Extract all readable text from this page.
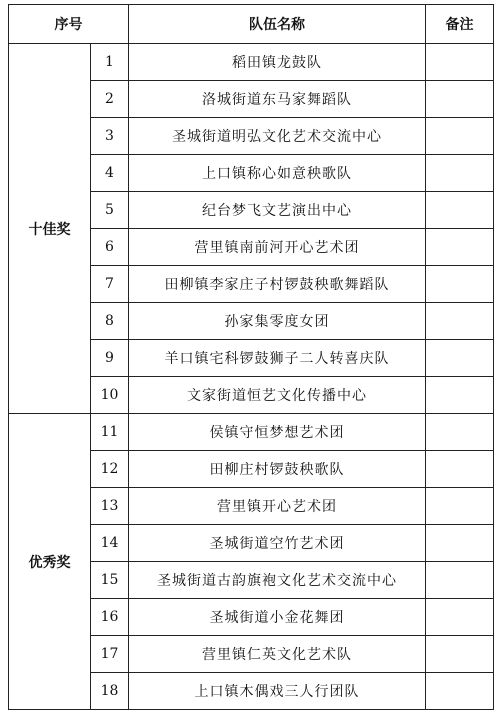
序号		队伍名称	备注
十佳奖	1	稻田镇龙鼓队	
	2	洛城街道东马家舞蹈队	
	3	圣城街道明弘文化艺术交流中心	
	4	上口镇称心如意秧歌队	
	5	纪台梦飞文艺演出中心	
	6	营里镇南前河开心艺术团	
	7	田柳镇李家庄子村锣鼓秧歌舞蹈队	
	8	孙家集零度女团	
	9	羊口镇宅科锣鼓狮子二人转喜庆队	
	10	文家街道恒艺文化传播中心	
优秀奖	11	侯镇守恒梦想艺术团	
	12	田柳庄村锣鼓秧歌队	
	13	营里镇开心艺术团	
	14	圣城街道空竹艺术团	
	15	圣城街道古韵旗袍文化艺术交流中心	
	16	圣城街道小金花舞团	
	17	营里镇仁英文化艺术队	
	18	上口镇木偶戏三人行团队	
